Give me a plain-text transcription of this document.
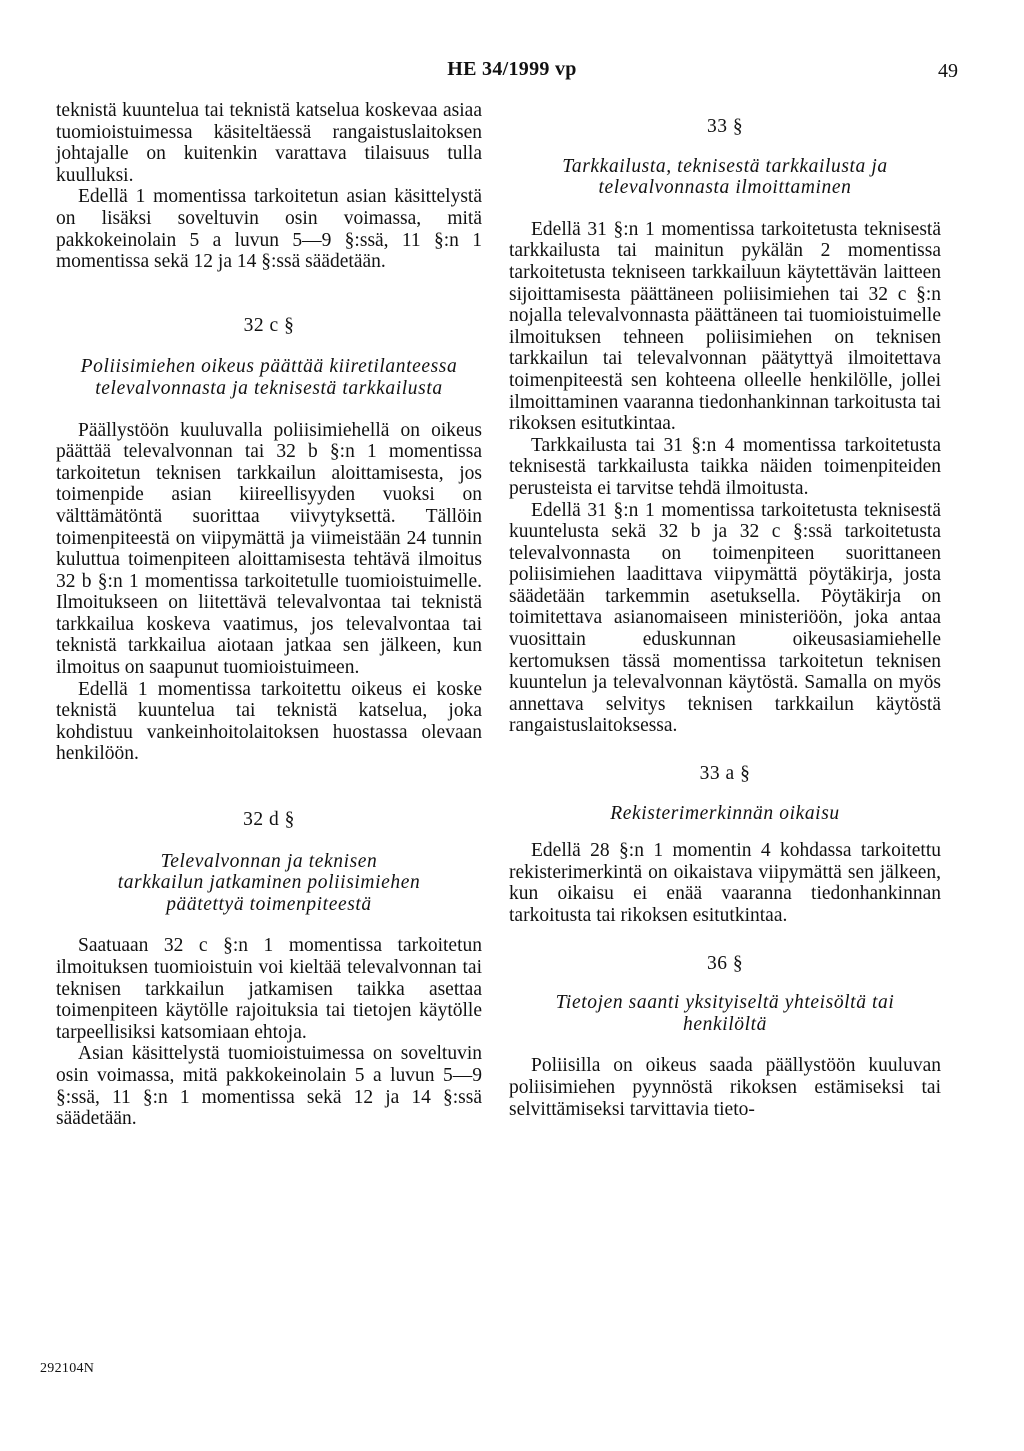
HE 34/1999 vp	49

teknistä kuuntelua tai teknistä katselua koskevaa asiaa tuomioistuimessa käsiteltäessä rangaistuslaitoksen johtajalle on kuitenkin varattava tilaisuus tulla kuulluksi.

Edellä 1 momentissa tarkoitetun asian käsittelystä on lisäksi soveltuvin osin voimassa, mitä pakkokeinolain 5 a luvun 5—9 §:ssä, 11 §:n 1 momentissa sekä 12 ja 14 §:ssä säädetään.

32 c §
Poliisimiehen oikeus päättää kiiretilanteessa televalvonnasta ja teknisestä tarkkailusta

Päällystöön kuuluvalla poliisimiehellä on oikeus päättää televalvonnan tai 32 b §:n 1 momentissa tarkoitetun teknisen tarkkailun aloittamisesta, jos toimenpide asian kiireellisyyden vuoksi on välttämätöntä suorittaa viivytyksettä. Tällöin toimenpiteestä on viipymättä ja viimeistään 24 tunnin kuluttua toimenpiteen aloittamisesta tehtävä ilmoitus 32 b §:n 1 momentissa tarkoitetulle tuomioistuimelle. Ilmoitukseen on liitettävä televalvontaa tai teknistä tarkkailua koskeva vaatimus, jos televalvontaa tai teknistä tarkkailua aiotaan jatkaa sen jälkeen, kun ilmoitus on saapunut tuomioistuimeen.

Edellä 1 momentissa tarkoitettu oikeus ei koske teknistä kuuntelua tai teknistä katselua, joka kohdistuu vankeinhoitolaitoksen huostassa olevaan henkilöön.

32 d §
Televalvonnan ja teknisen tarkkailun jatkaminen poliisimiehen päätettyä toimenpiteestä

Saatuaan 32 c §:n 1 momentissa tarkoitetun ilmoituksen tuomioistuin voi kieltää televalvonnan tai teknisen tarkkailun jatkamisen taikka asettaa toimenpiteen käytölle rajoituksia tai tietojen käytölle tarpeellisiksi katsomiaan ehtoja.

Asian käsittelystä tuomioistuimessa on soveltuvin osin voimassa, mitä pakkokeinolain 5 a luvun 5—9 §:ssä, 11 §:n 1 momentissa sekä 12 ja 14 §:ssä säädetään.

33 §
Tarkkailusta, teknisestä tarkkailusta ja televalvonnasta ilmoittaminen

Edellä 31 §:n 1 momentissa tarkoitetusta teknisestä tarkkailusta tai mainitun pykälän 2 momentissa tarkoitetusta tekniseen tarkkailuun käytettävän laitteen sijoittamisesta päättäneen poliisimiehen tai 32 c §:n nojalla televalvonnasta päättäneen tai tuomioistuimelle ilmoituksen tehneen poliisimiehen on teknisen tarkkailun tai televalvonnan päätyttyä ilmoitettava toimenpiteestä sen kohteena olleelle henkilölle, jollei ilmoittaminen vaaranna tiedonhankinnan tarkoitusta tai rikoksen esitutkintaa.

Tarkkailusta tai 31 §:n 4 momentissa tarkoitetusta teknisestä tarkkailusta taikka näiden toimenpiteiden perusteista ei tarvitse tehdä ilmoitusta.

Edellä 31 §:n 1 momentissa tarkoitetusta teknisestä kuuntelusta sekä 32 b ja 32 c §:ssä tarkoitetusta televalvonnasta on toimenpiteen suorittaneen poliisimiehen laadittava viipymättä pöytäkirja, josta säädetään tarkemmin asetuksella. Pöytäkirja on toimitettava asianomaiseen ministeriöön, joka antaa vuosittain eduskunnan oikeusasiamiehelle kertomuksen tässä momentissa tarkoitetun teknisen kuuntelun ja televalvonnan käytöstä. Samalla on myös annettava selvitys teknisen tarkkailun käytöstä rangaistuslaitoksessa.

33 a §
Rekisterimerkinnän oikaisu

Edellä 28 §:n 1 momentin 4 kohdassa tarkoitettu rekisterimerkintä on oikaistava viipymättä sen jälkeen, kun oikaisu ei enää vaaranna tiedonhankinnan tarkoitusta tai rikoksen esitutkintaa.

36 §
Tietojen saanti yksityiseltä yhteisöltä tai henkilöltä

Poliisilla on oikeus saada päällystöön kuuluvan poliisimiehen pyynnöstä rikoksen estämiseksi tai selvittämiseksi tarvittavia tieto-

292104N
